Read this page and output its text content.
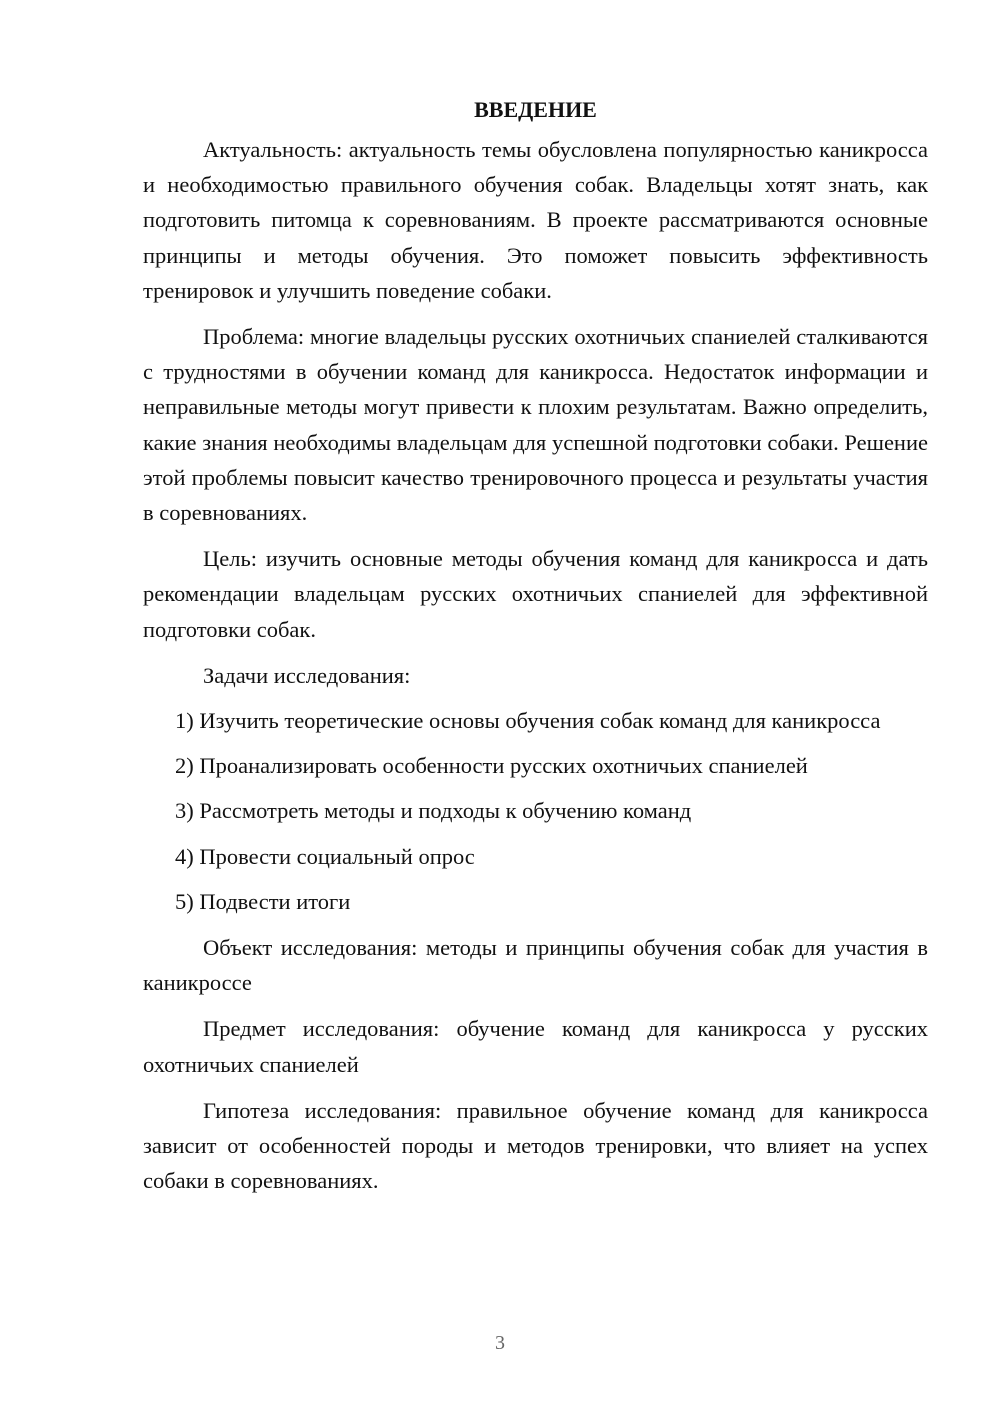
ВВЕДЕНИЕ

Актуальность: актуальность темы обусловлена популярностью каникросса и необходимостью правильного обучения собак. Владельцы хотят знать, как подготовить питомца к соревнованиям. В проекте рассматриваются основные принципы и методы обучения. Это поможет повысить эффективность тренировок и улучшить поведение собаки.

Проблема: многие владельцы русских охотничьих спаниелей сталкиваются с трудностями в обучении команд для каникросса. Недостаток информации и неправильные методы могут привести к плохим результатам. Важно определить, какие знания необходимы владельцам для успешной подготовки собаки. Решение этой проблемы повысит качество тренировочного процесса и результаты участия в соревнованиях.

Цель: изучить основные методы обучения команд для каникросса и дать рекомендации владельцам русских охотничьих спаниелей для эффективной подготовки собак.

Задачи исследования:

1) Изучить теоретические основы обучения собак команд для каникросса
2) Проанализировать особенности русских охотничьих спаниелей
3) Рассмотреть методы и подходы к обучению команд
4) Провести социальный опрос
5) Подвести итоги

Объект исследования: методы и принципы обучения собак для участия в каникроссе

Предмет исследования: обучение команд для каникросса у русских охотничьих спаниелей

Гипотеза исследования: правильное обучение команд для каникросса зависит от особенностей породы и методов тренировки, что влияет на успех собаки в соревнованиях.

3
